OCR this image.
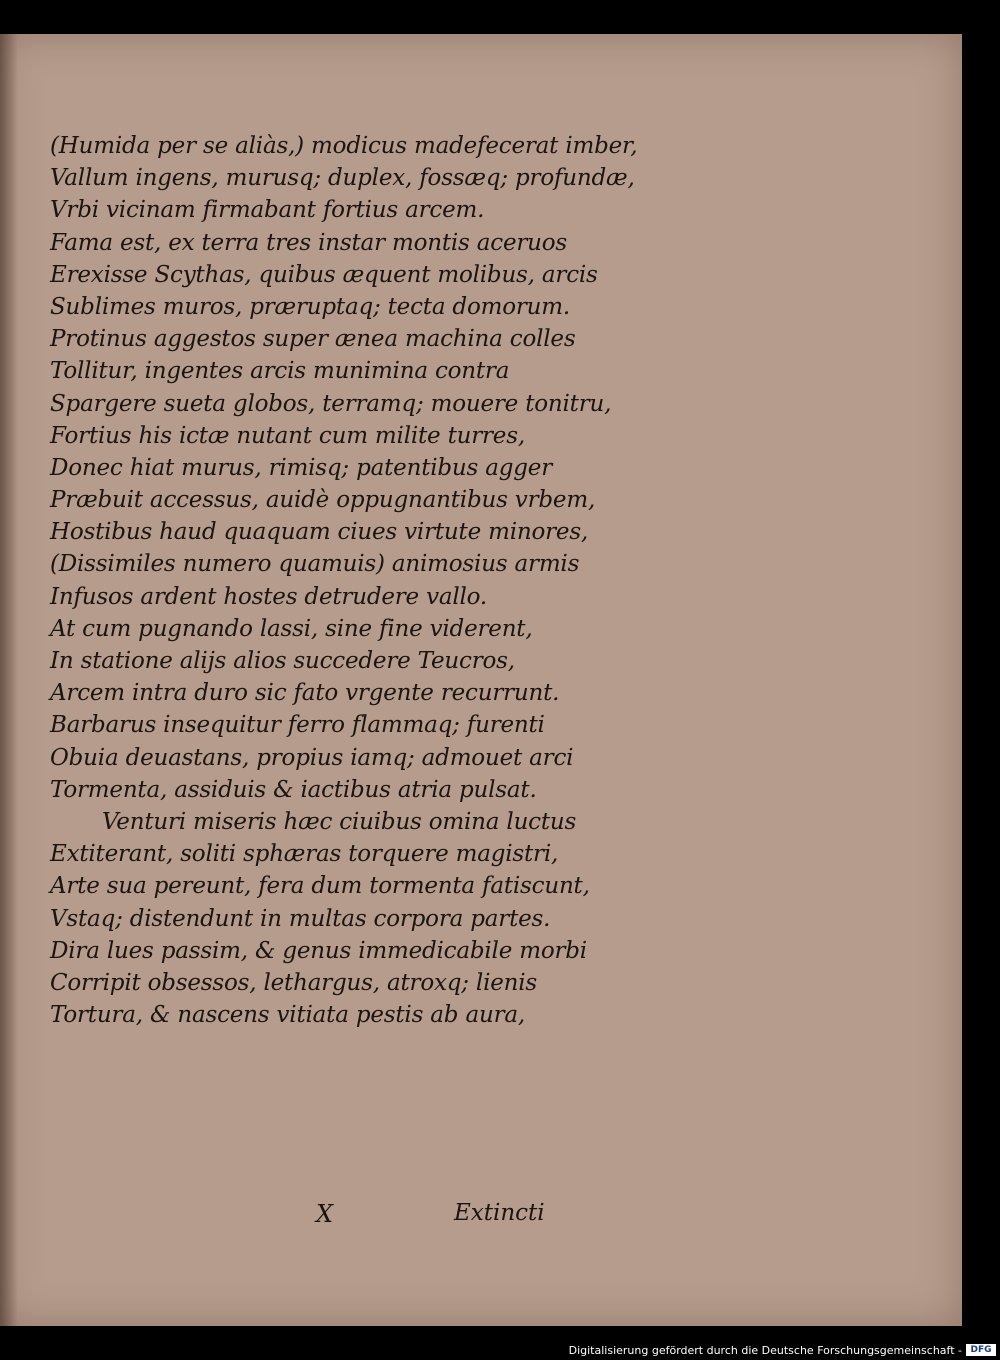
(Humida per se aliàs,) modicus madefecerat imber,

Vallum ingens, murusq; duplex, fossæq; profundæ,

Vrbi vicinam firmabant fortius arcem.

Fama est, ex terra tres instar montis aceruos

Erexisse Scythas, quibus æquent molibus, arcis

Sublimes muros, præruptaq; tecta domorum.

Protinus aggestos super ænea machina colles

Tollitur, ingentes arcis munimina contra

Spargere sueta globos, terramq; mouere tonitru,

Fortius his ictæ nutant cum milite turres,

Donec hiat murus, rimisq; patentibus agger

Præbuit accessus, auidè oppugnantibus vrbem,

Hostibus haud quaquam ciues virtute minores,

(Dissimiles numero quamuis) animosius armis

Infusos ardent hostes detrudere vallo.

At cum pugnando lassi, sine fine viderent,

In statione alijs alios succedere Teucros,

Arcem intra duro sic fato vrgente recurrunt.

Barbarus insequitur ferro flammaq; furenti

Obuia deuastans, propius iamq; admouet arci

Tormenta, assiduis & iactibus atria pulsat.

Venturi miseris hæc ciuibus omina luctus

Extiterant, soliti sphæras torquere magistri,

Arte sua pereunt, fera dum tormenta fatiscunt,

Vstaq; distendunt in multas corpora partes.

Dira lues passim, & genus immedicabile morbi

Corripit obsessos, lethargus, atroxq; lienis

Tortura, & nascens vitiata pestis ab aura,

X	Extincti
Digitalisierung gefördert durch die Deutsche Forschungsgemeinschaft - DFG
